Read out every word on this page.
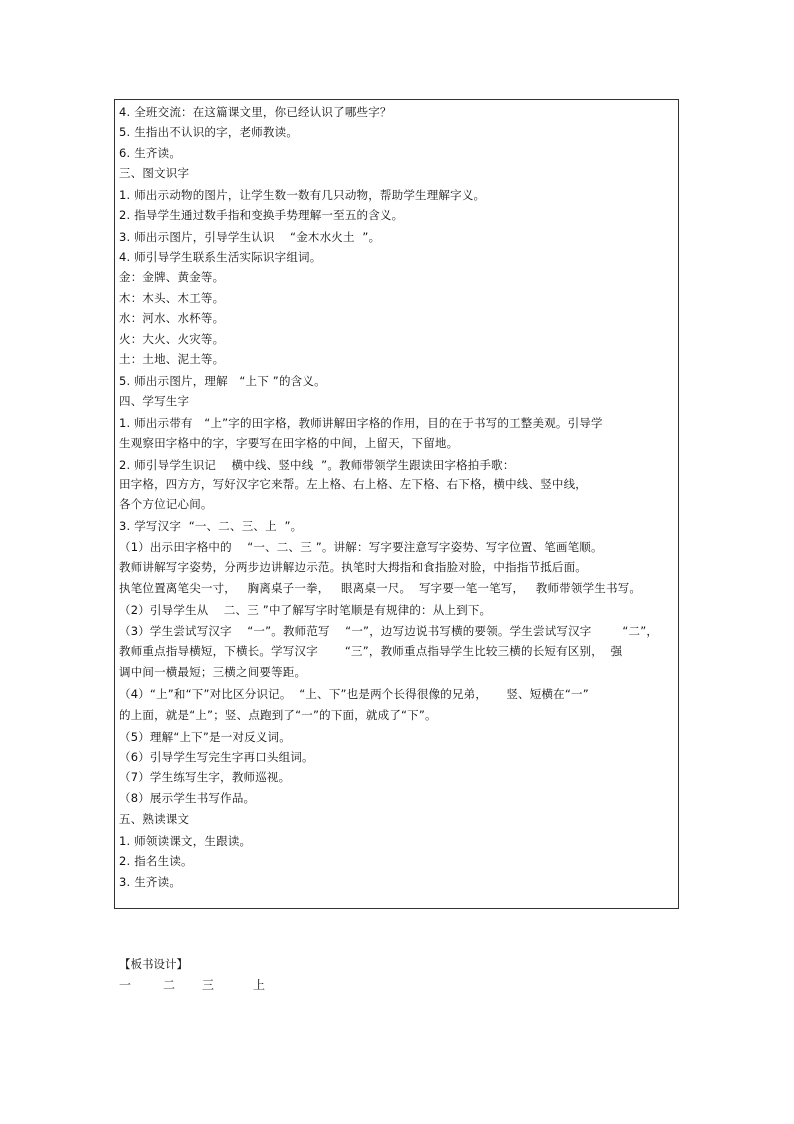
4. 全班交流：在这篇课文里，你已经认识了哪些字？
5. 生指出不认识的字，老师教读。
6. 生齐读。
三、图文识字
1. 师出示动物的图片，让学生数一数有几只动物，帮助学生理解字义。
2. 指导学生通过数手指和变换手势理解一至五的含义。
3. 师出示图片，引导学生认识    “金木水火土  ”。
4. 师引导学生联系生活实际识字组词。
金：金牌、黄金等。
木：木头、木工等。
水：河水、水杯等。
火：大火、火灾等。
土：土地、泥土等。
5. 师出示图片，理解   “上下 ”的含义。
四、学写生字
1. 师出示带有   “上”字的田字格，教师讲解田字格的作用，目的在于书写的工整美观。引导学
生观察田字格中的字，字要写在田字格的中间，上留天，下留地。
2. 师引导学生识记    横中线、竖中线  ”。教师带领学生跟读田字格拍手歌：
田字格，四方方，写好汉字它来帮。左上格、右上格、左下格、右下格，横中线、竖中线，
各个方位记心间。
3. 学写汉字  “一、二、三、上  ”。
（1）出示田字格中的    “一、二、三 ”。讲解：写字要注意写字姿势、写字位置、笔画笔顺。
教师讲解写字姿势，分两步边讲解边示范。执笔时大拇指和食指脸对脸，中指指节抵后面。
执笔位置离笔尖一寸，   胸离桌子一拳，   眼离桌一尺。  写字要一笔一笔写，   教师带领学生书写。
（2）引导学生从    二、三 ”中了解写字时笔顺是有规律的：从上到下。
（3）学生尝试写汉字    “一”。教师范写    “一”，边写边说书写横的要领。学生尝试写汉字        “二”，
教师重点指导横短，下横长。学写汉字       “三”，教师重点指导学生比较三横的长短有区别，  强
调中间一横最短；三横之间要等距。
（4）“上”和“下”对比区分识记。  “上、下”也是两个长得很像的兄弟，     竖、短横在“一”
的上面，就是“上”；竖、点跑到了“一”的下面，就成了“下”。
（5）理解“上下”是一对反义词。
（6）引导学生写完生字再口头组词。
（7）学生练写生字，教师巡视。
（8）展示学生书写作品。
五、熟读课文
1. 师领读课文，生跟读。
2. 指名生读。
3. 生齐读。
【板书设计】
一	二 三	上
